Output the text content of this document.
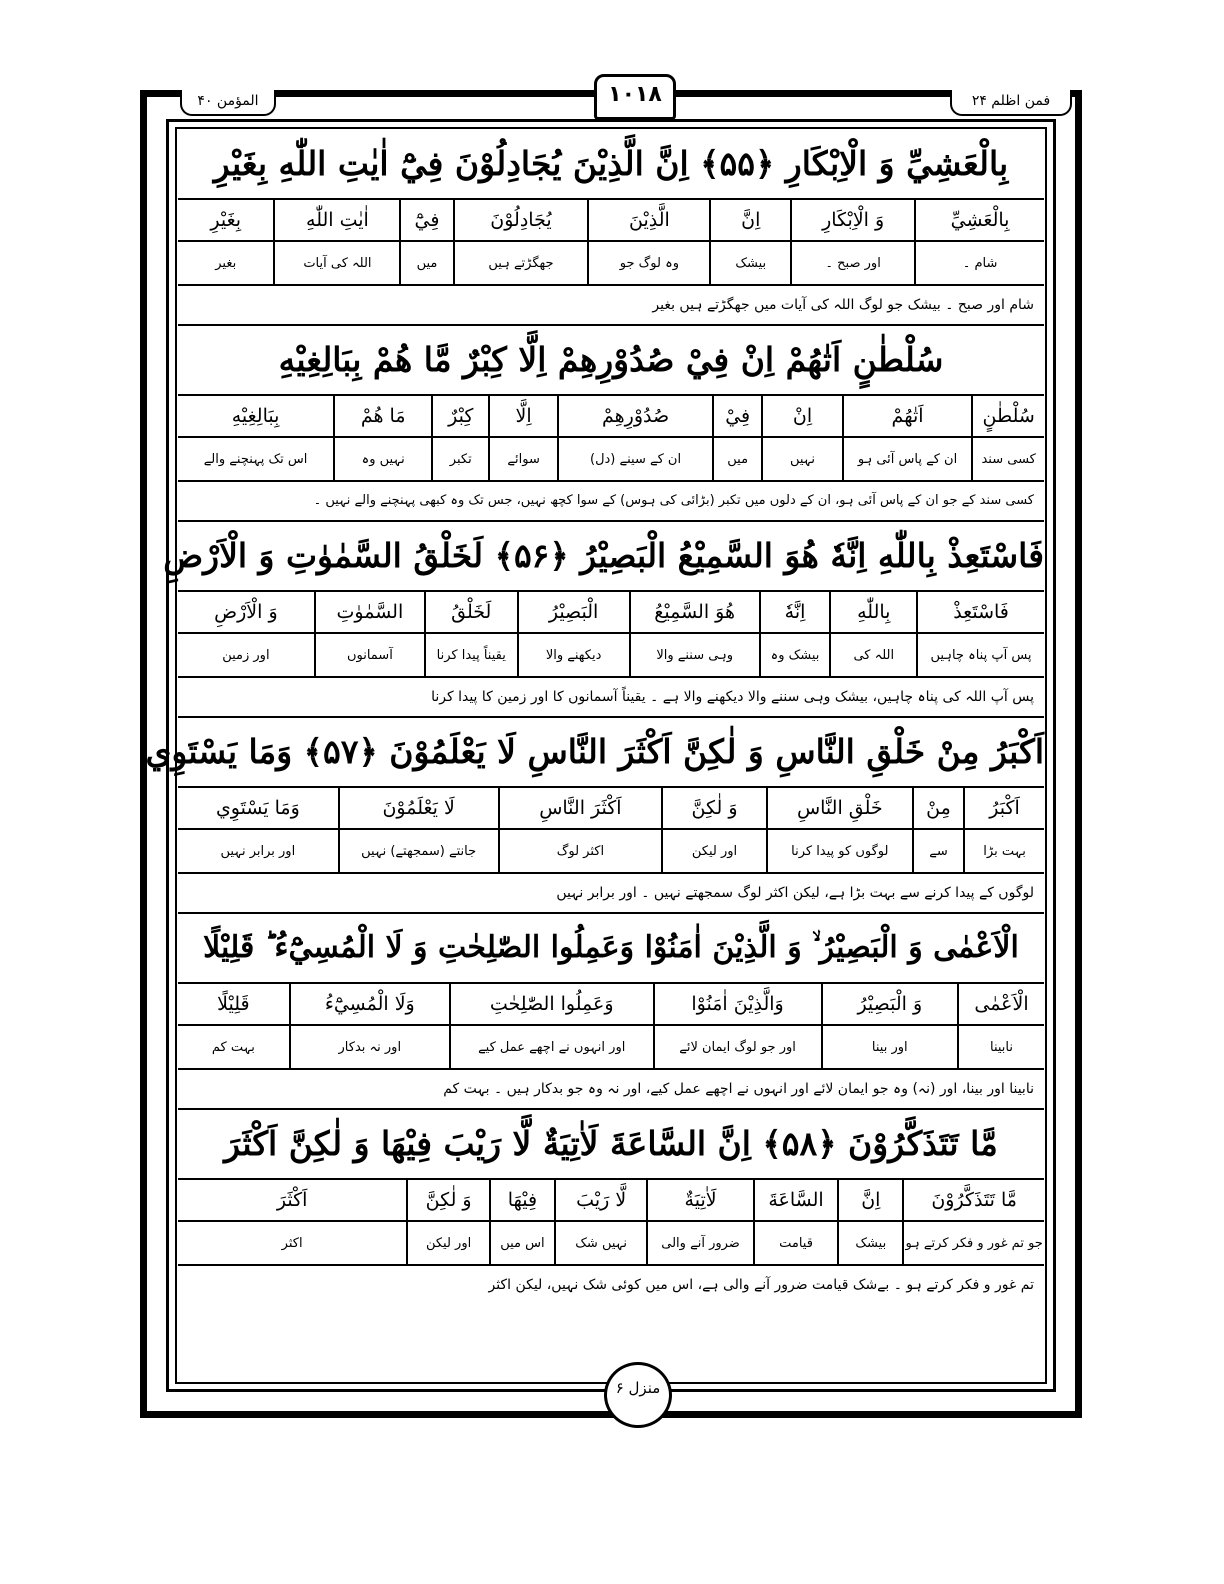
فمن اظلم ۲۴
المؤمن ۴۰	۱۰۱۸
بِالْعَشِيِّ وَ الْاِبْكَارِ ﴿۵۵﴾ اِنَّ الَّذِيْنَ يُجَادِلُوْنَ فِيْٓ اٰيٰتِ اللّٰهِ بِغَيْرِ
بِالْعَشِيِّ
وَ الْاِبْكَارِ
اِنَّ
الَّذِيْنَ
يُجَادِلُوْنَ
فِيْٓ
اٰيٰتِ اللّٰهِ
بِغَيْرِ
شام ۔
اور صبح ۔
بیشک
وہ لوگ جو
جھگڑتے ہیں
میں
اللہ کی آیات
بغیر
شام اور صبح ۔ بیشک جو لوگ اللہ کی آیات میں جھگڑتے ہیں بغیر
سُلْطٰنٍ اَتٰهُمْ اِنْ فِيْ صُدُوْرِهِمْ اِلَّا كِبْرٌ مَّا هُمْ بِبَالِغِيْهِ
سُلْطٰنٍ
اَتٰهُمْ
اِنْ
فِيْ
صُدُوْرِهِمْ
اِلَّا
كِبْرٌ
مَا هُمْ
بِبَالِغِيْهِ
کسی سند
ان کے پاس آئی ہو
نہیں
میں
ان کے سینے (دل)
سوائے
تکبر
نہیں وہ
اس تک پہنچنے والے
کسی سند کے جو ان کے پاس آئی ہو، ان کے دلوں میں تکبر (بڑائی کی ہوس) کے سوا کچھ نہیں، جس تک وہ کبھی پہنچنے والے نہیں ۔
فَاسْتَعِذْ بِاللّٰهِ اِنَّهٗ هُوَ السَّمِيْعُ الْبَصِيْرُ ﴿۵۶﴾ لَخَلْقُ السَّمٰوٰتِ وَ الْاَرْضِ
فَاسْتَعِذْ
بِاللّٰهِ
اِنَّهٗ
هُوَ السَّمِيْعُ
الْبَصِيْرُ
لَخَلْقُ
السَّمٰوٰتِ
وَ الْاَرْضِ
پس آپ پناہ چاہیں
اللہ کی
بیشک وہ
وہی سننے والا
دیکھنے والا
یقیناً پیدا کرنا
آسمانوں
اور زمین
پس آپ اللہ کی پناہ چاہیں، بیشک وہی سننے والا دیکھنے والا ہے ۔ یقیناً آسمانوں کا اور زمین کا پیدا کرنا
اَكْبَرُ مِنْ خَلْقِ النَّاسِ وَ لٰكِنَّ اَكْثَرَ النَّاسِ لَا يَعْلَمُوْنَ ﴿۵۷﴾ وَمَا يَسْتَوِي
اَكْبَرُ
مِنْ
خَلْقِ النَّاسِ
وَ لٰكِنَّ
اَكْثَرَ النَّاسِ
لَا يَعْلَمُوْنَ
وَمَا يَسْتَوِي
بہت بڑا
سے
لوگوں کو پیدا کرنا
اور لیکن
اکثر لوگ
جانتے (سمجھتے) نہیں
اور برابر نہیں
لوگوں کے پیدا کرنے سے بہت بڑا ہے، لیکن اکثر لوگ سمجھتے نہیں ۔ اور برابر نہیں
الْاَعْمٰى وَ الْبَصِيْرُ ۙ وَ الَّذِيْنَ اٰمَنُوْا وَعَمِلُوا الصّٰلِحٰتِ وَ لَا الْمُسِيْٓءُ ؕ قَلِيْلًا
الْاَعْمٰى
وَ الْبَصِيْرُ
وَالَّذِيْنَ اٰمَنُوْا
وَعَمِلُوا الصّٰلِحٰتِ
وَلَا الْمُسِيْٓءُ
قَلِيْلًا
نابینا
اور بینا
اور جو لوگ ایمان لائے
اور انہوں نے اچھے عمل کیے
اور نہ بدکار
بہت کم
نابینا اور بینا، اور (نہ) وہ جو ایمان لائے اور انہوں نے اچھے عمل کیے، اور نہ وہ جو بدکار ہیں ۔ بہت کم
مَّا تَتَذَكَّرُوْنَ ﴿۵۸﴾ اِنَّ السَّاعَةَ لَاٰتِيَةٌ لَّا رَيْبَ فِيْهَا وَ لٰكِنَّ اَكْثَرَ
مَّا تَتَذَكَّرُوْنَ
اِنَّ
السَّاعَةَ
لَاٰتِيَةٌ
لَّا رَيْبَ
فِيْهَا
وَ لٰكِنَّ
اَكْثَرَ
جو تم غور و فکر کرتے ہو
بیشک
قیامت
ضرور آنے والی
نہیں شک
اس میں
اور لیکن
اکثر
تم غور و فکر کرتے ہو ۔ بےشک قیامت ضرور آنے والی ہے، اس میں کوئی شک نہیں، لیکن اکثر
منزل ۶
